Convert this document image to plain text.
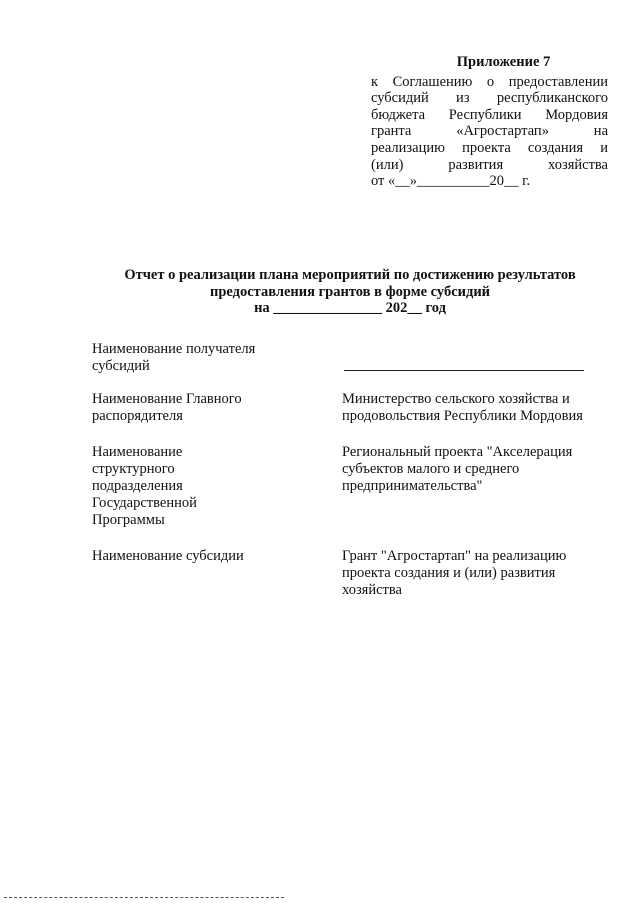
Приложение 7
к Соглашению о предоставлении
субсидий из республиканского
бюджета Республики Мордовия
гранта «Агростартап» на
реализацию проекта создания и
(или) развития хозяйства
от «__»__________20__ г.
Отчет о реализации плана мероприятий по достижению результатов
предоставления грантов в форме субсидий
на _______________ 202__ год
Наименование получателя субсидий
Наименование Главного распорядителя
Министерство сельского хозяйства и продовольствия Республики Мордовия
Наименование структурного подразделения Государственной Программы
Региональный проекта "Акселерация субъектов малого и среднего предпринимательства"
Наименование субсидии	Грант "Агростартап" на реализацию проекта создания и (или) развития хозяйства
